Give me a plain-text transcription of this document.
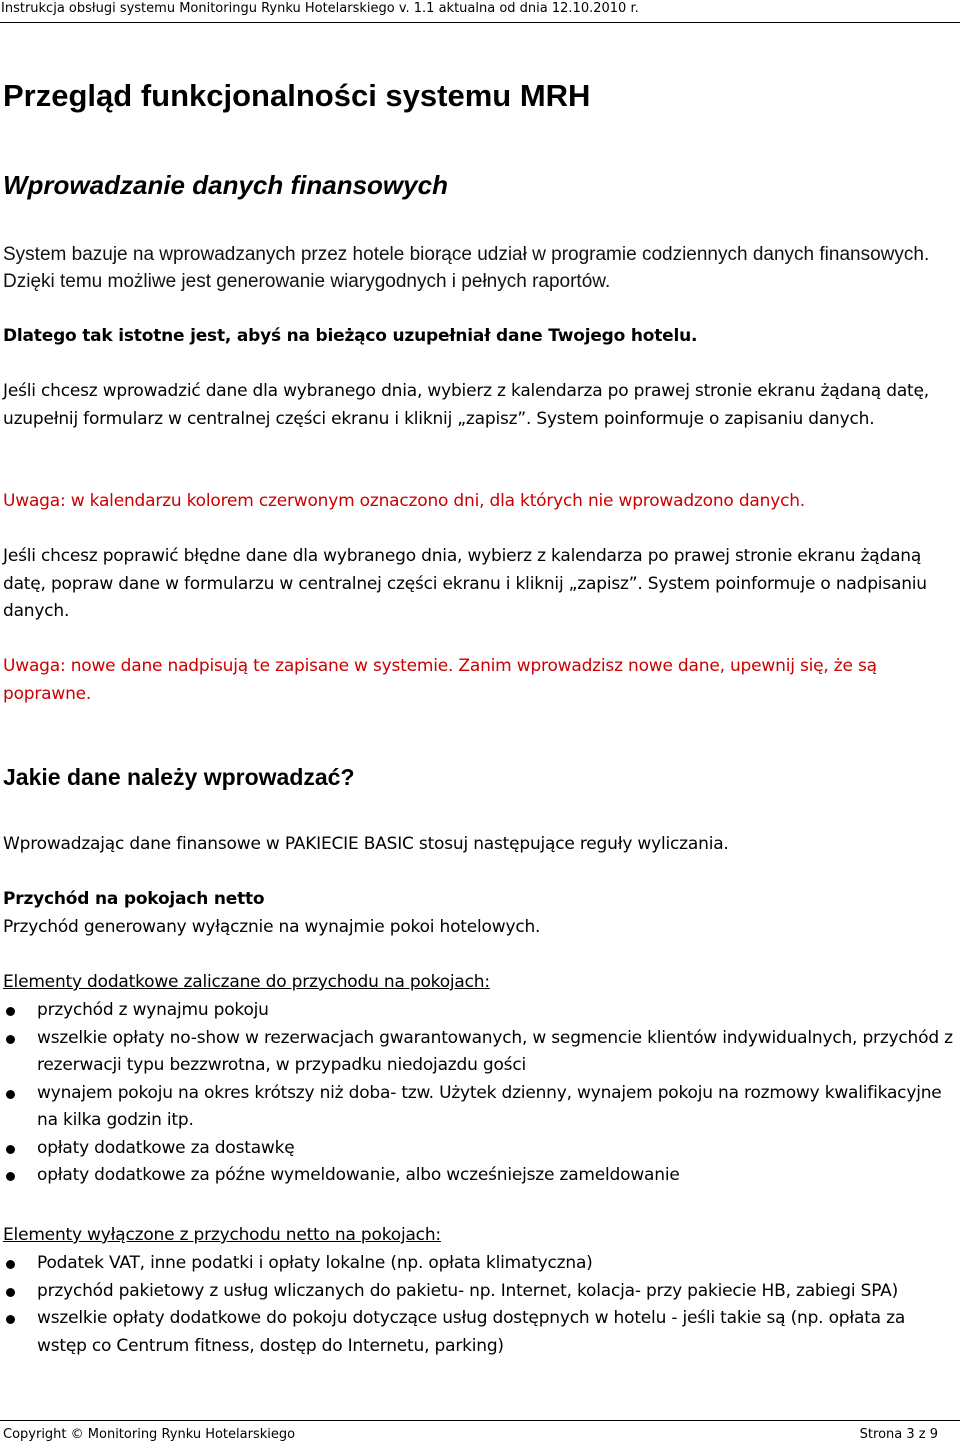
Instrukcja obsługi systemu Monitoringu Rynku Hotelarskiego v. 1.1 aktualna od dnia 12.10.2010 r.
Przegląd funkcjonalności systemu MRH
Wprowadzanie danych finansowych

System bazuje na wprowadzanych przez hotele biorące udział w programie codziennych danych finansowych. Dzięki temu możliwe jest generowanie wiarygodnych i pełnych raportów.

Dlatego tak istotne jest, abyś na bieżąco uzupełniał dane Twojego hotelu.

Jeśli chcesz wprowadzić dane dla wybranego dnia, wybierz z kalendarza po prawej stronie ekranu żądaną datę, uzupełnij formularz w centralnej części ekranu i kliknij „zapisz”. System poinformuje o zapisaniu danych.

Uwaga: w kalendarzu kolorem czerwonym oznaczono dni, dla których nie wprowadzono danych.

Jeśli chcesz poprawić błędne dane dla wybranego dnia, wybierz z kalendarza po prawej stronie ekranu żądaną datę, popraw dane w formularzu w centralnej części ekranu i kliknij „zapisz”. System poinformuje o nadpisaniu danych.

Uwaga: nowe dane nadpisują te zapisane w systemie. Zanim wprowadzisz nowe dane, upewnij się, że są poprawne.

Jakie dane należy wprowadzać?

Wprowadzając dane finansowe w PAKIECIE BASIC stosuj następujące reguły wyliczania.

Przychód na pokojach netto

Przychód generowany wyłącznie na wynajmie pokoi hotelowych.

Elementy dodatkowe zaliczane do przychodu na pokojach:

przychód z wynajmu pokoju
wszelkie opłaty no-show w rezerwacjach gwarantowanych, w segmencie klientów indywidualnych, przychód z rezerwacji typu bezzwrotna, w przypadku niedojazdu gości
wynajem pokoju na okres krótszy niż doba- tzw. Użytek dzienny, wynajem pokoju na rozmowy kwalifikacyjne na kilka godzin itp.
opłaty dodatkowe za dostawkę
opłaty dodatkowe za późne wymeldowanie, albo wcześniejsze zameldowanie

Elementy wyłączone z przychodu netto na pokojach:

Podatek VAT, inne podatki i opłaty lokalne (np. opłata klimatyczna)
przychód pakietowy z usług wliczanych do pakietu- np. Internet, kolacja- przy pakiecie HB, zabiegi SPA)
wszelkie opłaty dodatkowe do pokoju dotyczące usług dostępnych w hotelu - jeśli takie są (np. opłata za wstęp co Centrum fitness, dostęp do Internetu, parking)
Copyright © Monitoring Rynku Hotelarskiego	Strona 3 z 9
